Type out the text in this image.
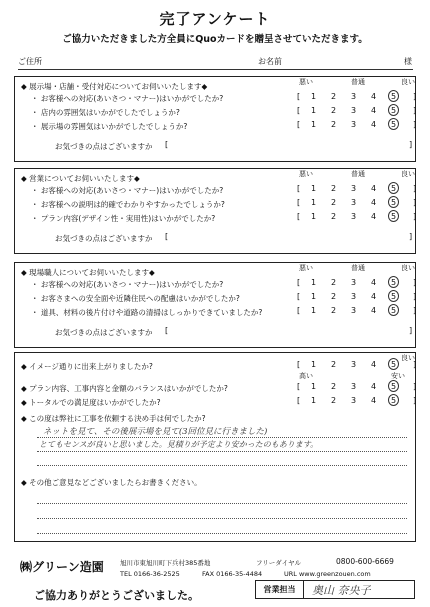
完了アンケート
ご協力いただきました方全員にQuoカードを贈呈させていただきます。
ご住所	お名前	様
◆ 展示場・店舗・受付対応についてお伺いいたします◆	悪い	普通	良い
・ お客様への対応(あいさつ・マナー)はいかがでしたか?	[ 1 2 3 4 5 ]
・ 店内の雰囲気はいかがでしたでしょうか?	[ 1 2 3 4 5 ]
・ 展示場の雰囲気はいかがでしたでしょうか?	[ 1 2 3 4 5 ]
お気づきの点はございますか	[	]
◆ 営業についてお伺いいたします◆	悪い	普通	良い
・ お客様への対応(あいさつ・マナー)はいかがでしたか?	[ 1 2 3 4 5 ]
・ お客様への説明は的確でわかりやすかったでしょうか?	[ 1 2 3 4 5 ]
・ プラン内容(デザイン性・実用性)はいかがでしたか?	[ 1 2 3 4 5 ]
お気づきの点はございますか	[	]
◆ 現場職人についてお伺いいたします◆	悪い	普通	良い
・ お客様への対応(あいさつ・マナー)はいかがでしたか?	[ 1 2 3 4 5 ]
・ お客さまへの安全面や近隣住民への配慮はいかがでしたか?	[ 1 2 3 4 5 ]
・ 道具、材料の後片付けや道路の清掃はしっかりできていましたか?	[ 1 2 3 4 5 ]
お気づきの点はございますか	[	]
良い
◆ イメージ通りに出来上がりましたか?	[ 1 2 3 4 5 ]
高い	安い
◆ プラン内容、工事内容と金額のバランスはいかがでしたか?	[ 1 2 3 4 5 ]
◆ トータルでの満足度はいかがでしたか?	[ 1 2 3 4 5 ]
◆ この度は弊社に工事を依頼する決め手は何でしたか?
ネットを見て、その後展示場を見て(3回位見に行きました)
とてもセンスが良いと思いました。見積りが予定より安かったのもあります。
◆ その他ご意見などございましたらお書きください。
㈱グリーン造園 旭川市東旭川町下兵村385番地	フリーダイヤル	0800-600-6669
TEL 0166-36-2525	FAX 0166-35-4484	URL www.greenzouen.com
ご協力ありがとうございました。	営業担当	奥山 奈央子
